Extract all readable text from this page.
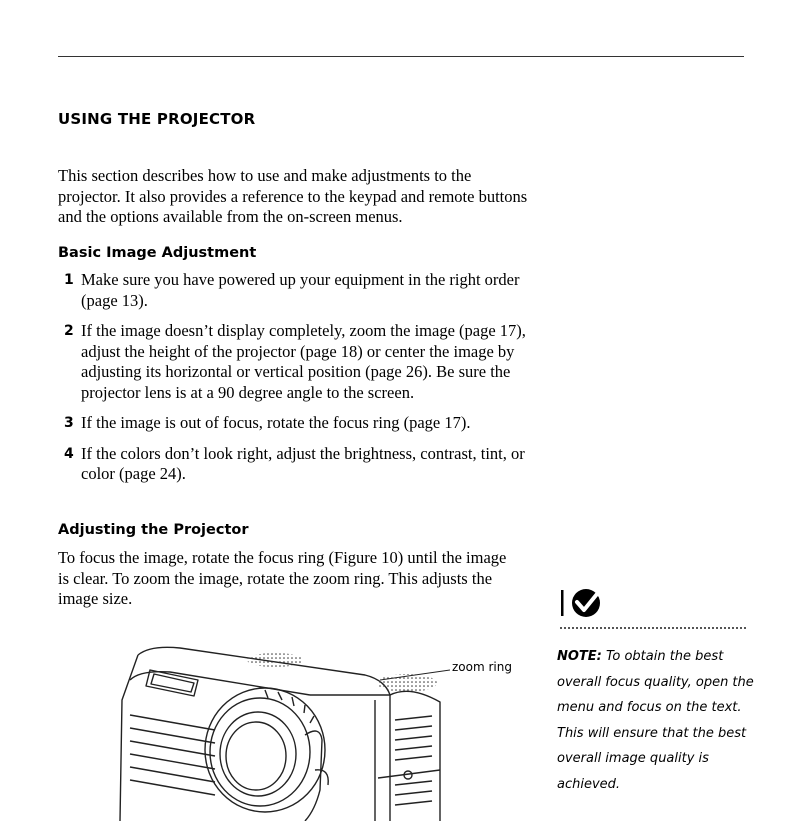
USING THE PROJECTOR
This section describes how to use and make adjustments to the projector. It also provides a reference to the keypad and remote buttons and the options available from the on-screen menus.
Basic Image Adjustment
1 Make sure you have powered up your equipment in the right order (page 13).
2 If the image doesn’t display completely, zoom the image (page 17), adjust the height of the projector (page 18) or center the image by adjusting its horizontal or vertical position (page 26). Be sure the projector lens is at a 90 degree angle to the screen.
3 If the image is out of focus, rotate the focus ring (page 17).
4 If the colors don’t look right, adjust the brightness, contrast, tint, or color (page 24).
Adjusting the Projector
To focus the image, rotate the focus ring (Figure 10) until the image is clear. To zoom the image, rotate the zoom ring. This adjusts the image size.
NOTE: To obtain the best overall focus quality, open the menu and focus on the text. This will ensure that the best overall image quality is achieved.
zoom ring
